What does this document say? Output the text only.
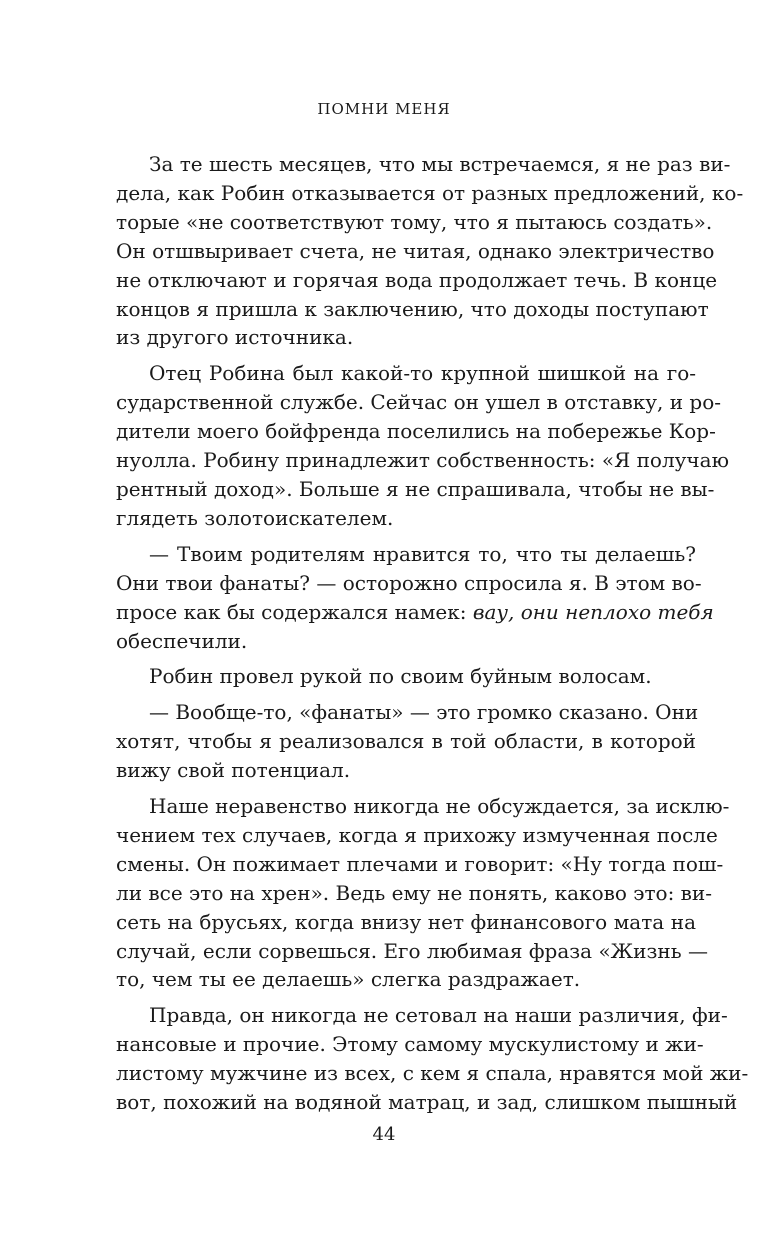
ПОМНИ МЕНЯ
За те шесть месяцев, что мы встречаемся, я не раз ви-
дела, как Робин отказывается от разных предложений, ко-
торые «не соответствуют тому, что я пытаюсь создать».
Он отшвыривает счета, не читая, однако электричество
не отключают и горячая вода продолжает течь. В конце
концов я пришла к заключению, что доходы поступают
из другого источника.
Отец Робина был какой-то крупной шишкой на го-
сударственной службе. Сейчас он ушел в отставку, и ро-
дители моего бойфренда поселились на побережье Кор-
нуолла. Робину принадлежит собственность: «Я получаю
рентный доход». Больше я не спрашивала, чтобы не вы-
глядеть золотоискателем.
— Твоим родителям нравится то, что ты делаешь?
Они твои фанаты? — осторожно спросила я. В этом во-
просе как бы содержался намек: вау, они неплохо тебя
обеспечили.
Робин провел рукой по своим буйным волосам.
— Вообще-то, «фанаты» — это громко сказано. Они
хотят, чтобы я реализовался в той области, в которой
вижу свой потенциал.
Наше неравенство никогда не обсуждается, за исклю-
чением тех случаев, когда я прихожу измученная после
смены. Он пожимает плечами и говорит: «Ну тогда пош-
ли все это на хрен». Ведь ему не понять, каково это: ви-
сеть на брусьях, когда внизу нет финансового мата на
случай, если сорвешься. Его любимая фраза «Жизнь —
то, чем ты ее делаешь» слегка раздражает.
Правда, он никогда не сетовал на наши различия, фи-
нансовые и прочие. Этому самому мускулистому и жи-
листому мужчине из всех, с кем я спала, нравятся мой жи-
вот, похожий на водяной матрац, и зад, слишком пышный
44
